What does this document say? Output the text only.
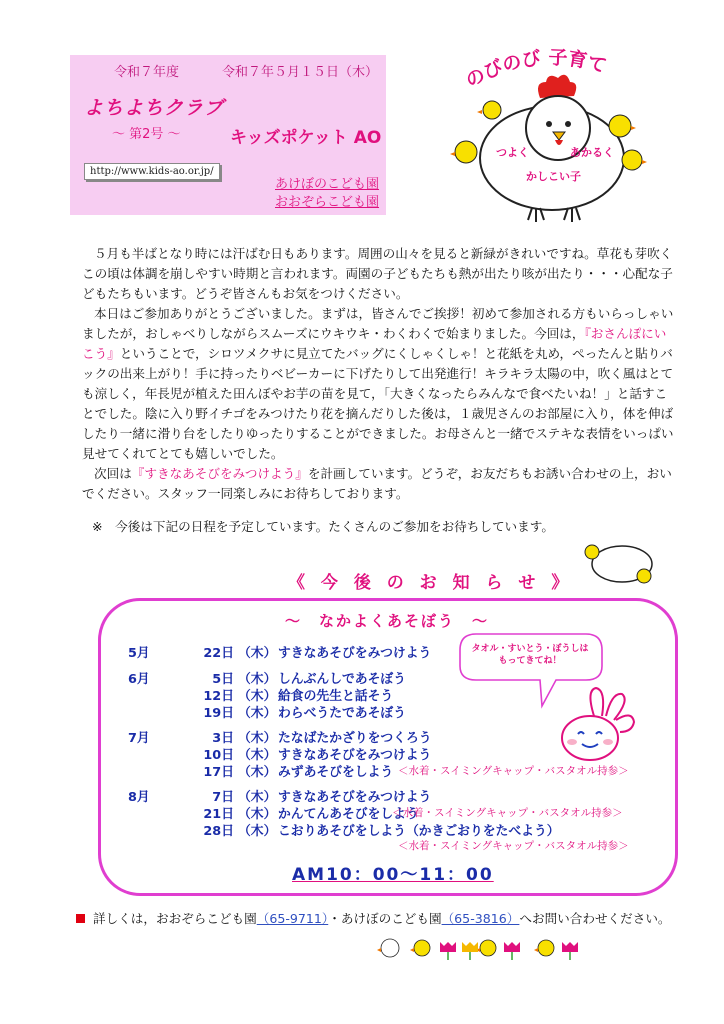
令和７年度	令和７年５月１５日（木）
よちよちクラブ
～ 第2号 ～	キッズポケット AO
http://www.kids-ao.or.jp/
あけぼのこども園
おおぞらこども園
のびのび 子育て
つよく	あかるく
かしこい子

５月も半ばとなり時には汗ばむ日もあります。周囲の山々を見ると新緑がきれいですね。草花も芽吹くこの頃は体調を崩しやすい時期と言われます。両園の子どもたちも熱が出たり咳が出たり・・・心配な子どもたちもいます。どうぞ皆さんもお気をつけください。

本日はご参加ありがとうございました。まずは，皆さんでご挨拶！初めて参加される方もいらっしゃいましたが，おしゃべりしながらスムーズにウキウキ・わくわくで始まりました。今回は，『おさんぽにいこう』ということで，シロツメクサに見立てたバッグにくしゃくしゃ！と花紙を丸め，ぺったんと貼りバックの出来上がり！手に持ったりベビーカーに下げたりして出発進行！キラキラ太陽の中，吹く風はとても涼しく，年長児が植えた田んぼやお芋の苗を見て，「大きくなったらみんなで食べたいね！」と話すことでした。陰に入り野イチゴをみつけたり花を摘んだりした後は，１歳児さんのお部屋に入り，体を伸ばしたり一緒に滑り台をしたりゆったりすることができました。お母さんと一緒でステキな表情をいっぱい見せてくれてとても嬉しいでした。

次回は『すきなあそびをみつけよう』を計画しています。どうぞ，お友だちもお誘い合わせの上，おいでください。スタッフ一同楽しみにお待ちしております。

※　今後は下記の日程を予定しています。たくさんのご参加をお待ちしています。
《 今 後 の お 知 ら せ 》
～　なかよくあそぼう　～
5月	22日 （木） すきなあそびをみつけよう
6月	5日 （木） しんぶんしであそぼう
12日 （木） 給食の先生と話そう
19日 （木） わらべうたであそぼう
7月	3日 （木） たなばたかざりをつくろう
10日 （木） すきなあそびをみつけよう
17日 （木） みずあそびをしよう ＜水着・スイミングキャップ・バスタオル持参＞
8月	7日 （木） すきなあそびをみつけよう
21日 （木） かんてんあそびをしよう
＜水着・スイミングキャップ・バスタオル持参＞
28日 （木） こおりあそびをしよう（かきごおりをたべよう）
＜水着・スイミングキャップ・バスタオル持参＞
タオル・すいとう・ぼうしは
もってきてね！
AM10：00～11：00
詳しくは，おおぞらこども園（65-9711）・あけぼのこども園（65-3816）へお問い合わせください。
